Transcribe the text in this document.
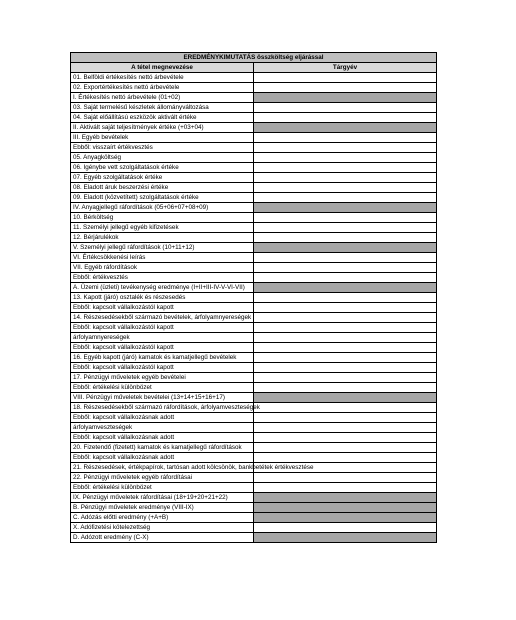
EREDMÉNYKIMUTATÁS összköltség eljárással	
A tétel megnevezése	Tárgyév
01. Belföldi értékesítés nettó árbevétele	
02. Exportértékesítés nettó árbevétele	
I. Értékesítés nettó árbevétele (01+02)	
03. Saját termelésű készletek állományváltozása	
04. Saját előállítású eszközök aktivált értéke	
II. Aktivált saját teljesítmények értéke (+03+04)	
III. Egyéb bevételek	
Ebből: visszaírt értékvesztés	
05. Anyagköltség	
06. Igénybe vett szolgáltatások értéke	
07. Egyéb szolgáltatások értéke	
08. Eladott áruk beszerzési értéke	
09. Eladott (közvetített) szolgáltatások értéke	
IV. Anyagjellegű ráfordítások (05+06+07+08+09)	
10. Bérköltség	
11. Személyi jellegű egyéb kifizetések	
12. Bérjárulékok	
V. Személyi jellegű ráfordítások (10+11+12)	
VI. Értékcsökkenési leírás	
VII. Egyéb ráfordítások	
Ebből: értékvesztés	
A. Üzemi (üzleti) tevékenység eredménye (I+II+III-IV-V-VI-VII)	
13. Kapott (járó) osztalék és részesedés	
Ebből: kapcsolt vállalkozástól kapott	
14. Részesedésekből származó bevételek, árfolyamnyereségek	
Ebből: kapcsolt vállalkozástól kapott	
árfolyamnyereségek	
Ebből: kapcsolt vállalkozástól kapott	
16. Egyéb kapott (járó) kamatok és kamatjellegű bevételek	
Ebből: kapcsolt vállalkozástól kapott	
17. Pénzügyi műveletek egyéb bevételei	
Ebből: értékelési különbözet	
VIII. Pénzügyi műveletek bevételei (13+14+15+16+17)	
18. Részesedésekből származó ráfordítások, árfolyamveszteségek	
Ebből: kapcsolt vállalkozásnak adott	
árfolyamveszteségek	
Ebből: kapcsolt vállalkozásnak adott	
20. Fizetendő (fizetett) kamatok és kamatjellegű ráfordítások	
Ebből: kapcsolt vállalkozásnak adott	
21. Részesedések, értékpapírok, tartósan adott kölcsönök, bankbetétek értékvesztése	
22. Pénzügyi műveletek egyéb ráfordításai	
Ebből: értékelési különbözet	
IX. Pénzügyi műveletek ráfordításai (18+19+20+21+22)	
B. Pénzügyi műveletek eredménye (VIII-IX)	
C. Adózás előtti eredmény (+A+B)	
X. Adófizetési kötelezettség	
D. Adózott eredmény (C-X)	
